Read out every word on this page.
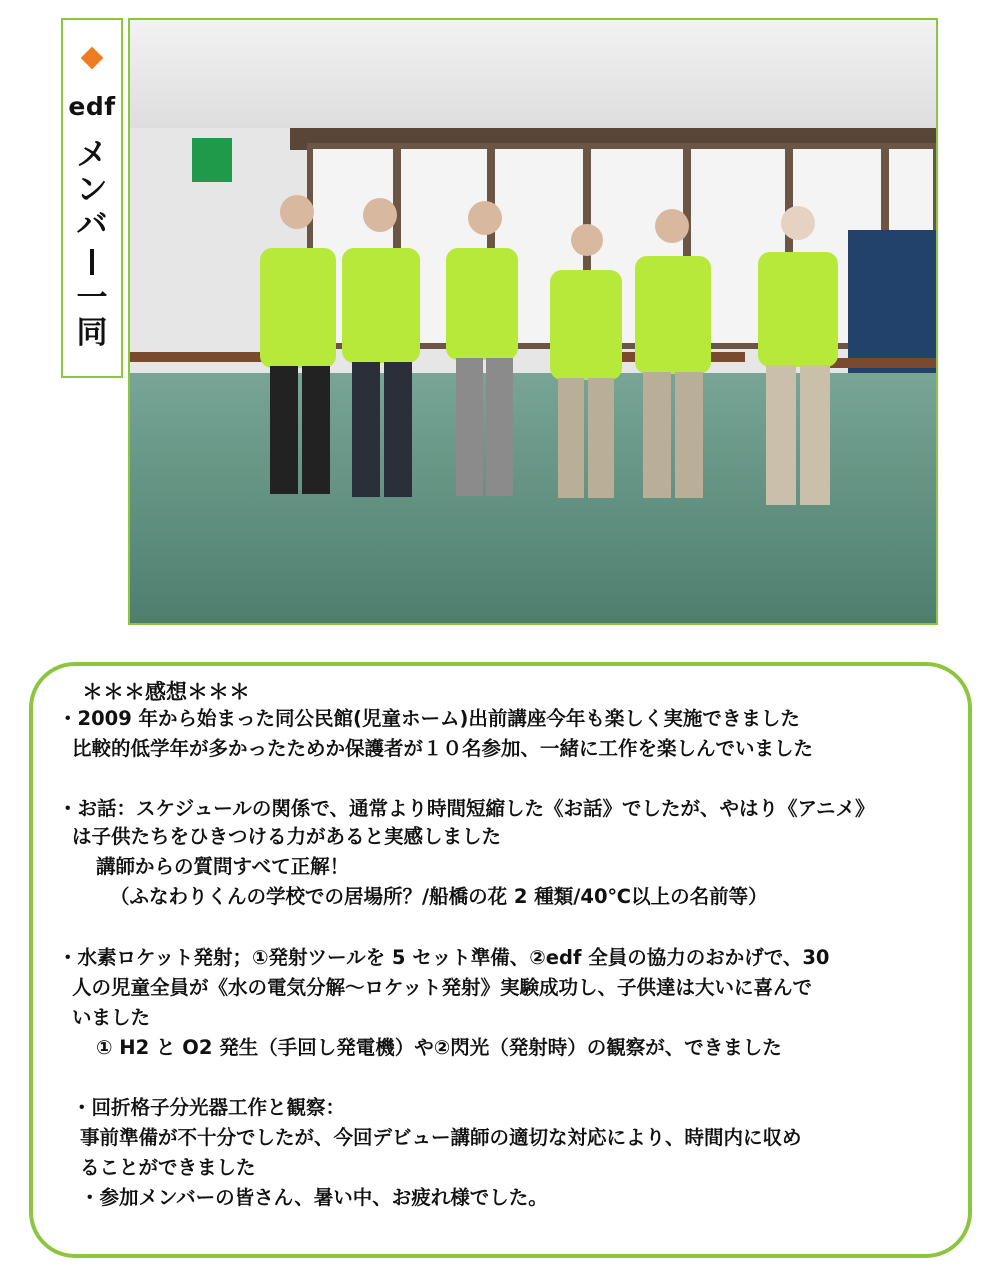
edf
メ
ン
バ
一
同
＊＊＊感想＊＊＊
・2009 年から始まった同公民館(児童ホーム)出前講座今年も楽しく実施できました
比較的低学年が多かったためか保護者が１０名参加、一緒に工作を楽しんでいました
・お話：スケジュールの関係で、通常より時間短縮した《お話》でしたが、やはり《アニメ》
は子供たちをひきつける力があると実感しました
講師からの質問すべて正解！
（ふなわりくんの学校での居場所？/船橋の花 2 種類/40℃以上の名前等）
・水素ロケット発射；①発射ツールを 5 セット準備、②edf 全員の協力のおかげで、30
人の児童全員が《水の電気分解～ロケット発射》実験成功し、子供達は大いに喜んで
いました
① H2 と O2 発生（手回し発電機）や②閃光（発射時）の観察が、できました
・回折格子分光器工作と観察：
事前準備が不十分でしたが、今回デビュー講師の適切な対応により、時間内に収め
ることができました
・参加メンバーの皆さん、暑い中、お疲れ様でした。
